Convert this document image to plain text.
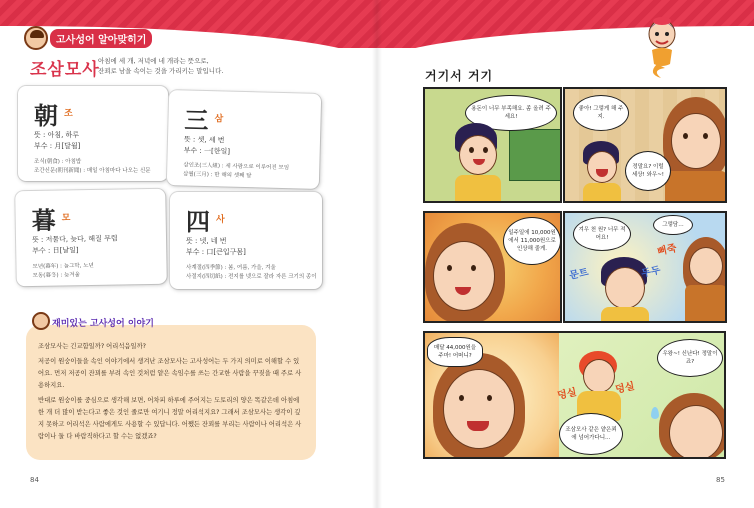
고사성어 알아맞히기
조삼모사
아침에 세 개, 저녁에 네 개라는 뜻으로,
잔꾀로 남을 속이는 것을 가리키는 말입니다.
朝 조
뜻 : 아침, 하루
부수 : 月[달월]
조식(朝食) : 아침밥
조간신문(朝刊新聞) : 매일 아침마다 나오는 신문
三 삼
뜻 : 셋, 세 번
부수 : 一[한일]
삼인조(三人組) : 세 사람으로 이루어진 모임
삼월(三月) : 한 해의 셋째 달
暮 모
뜻 : 저물다, 늦다, 해질 무렵
부수 : 日[날일]
모년(暮年) : 늘그막, 노년
모동(暮冬) : 늦겨울
四 사
뜻 : 넷, 네 번
부수 : 口[큰입구몸]
사계절(四季節) : 봄, 여름, 가을, 겨울
사절지(四切紙) : 전지를 넷으로 잘라 자른 크기의 종이

조삼모사는 긴교함일까? 어리석음일까?

저공이 원숭이들을 속인 이야기에서 생겨난 조삼모사는 고사성어는 두 가지 의미로 이해할 수 있어요. 먼저 저공이 잔꾀를 부려 속인 것처럼 얕은 속임수를 쓰는 간교한 사람을 꾸짖을 때 주로 사용하지요.

반대로 원숭이를 중심으로 생각해 보면, 어차피 하루에 주어지는 도토리의 양은 똑같은데 아침에 한 개 더 많이 받는다고 좋은 것인 줄로만 여기니 정말 어리석지요? 그래서 조삼모사는 생각이 깊지 못하고 어리석은 사람에게도 사용할 수 있답니다. 어쨌든 잔꾀를 부리는 사람이나 어리석은 사람이나 둘 다 바람직하다고 할 수는 없겠죠?

재미있는 고사성어 이야기
84	85
거기서 거기
용돈이 너무 부족해요. 좀 올려 주세요!
좋아! 그렇게 해 주지.
정말요? 이럴 세상! 와우~!
일주일에 10,000원에서 11,000원으로 인상해 줄게.
겨우 천 원? 너무 적어요!
그렇담…
뻐죽
문트	두두
매달 44,000원을 주마! 어떠니?
덩실	덩실
우왕~! 신난다! 정말이죠?
조삼모사 같은 얕은꾀에 넘어가다니…
